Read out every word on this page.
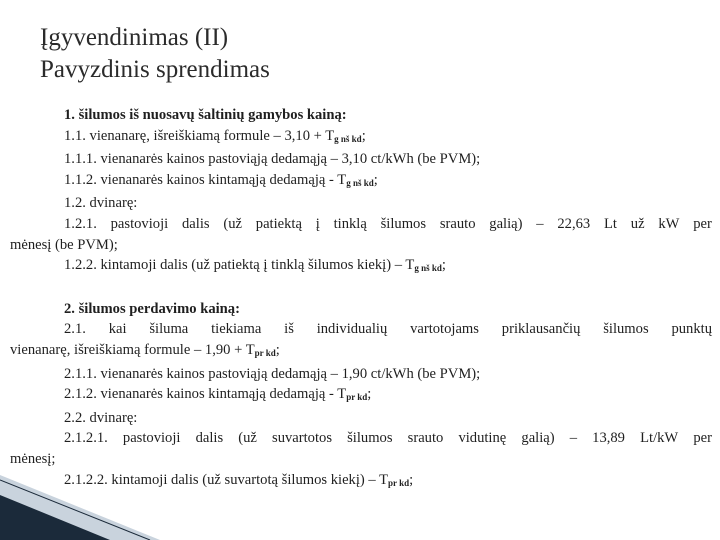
Įgyvendinimas (II)
Pavyzdinis sprendimas
1. šilumos iš nuosavų šaltinių gamybos kainą:
1.1. vienanarę, išreiškiamą formule – $3,10 + T_{g nš kd}$;
1.1.1. vienanarės kainos pastoviąją dedamąją – 3,10 ct/kWh (be PVM);
1.1.2. vienanarės kainos kintamąją dedamąją - $T_{g nš kd}$;
1.2. dvinarę:
1.2.1. pastovioji dalis (už patiektą į tinklą šilumos srauto galią) – 22,63 Lt už kW per
mėnesį (be PVM);
1.2.2. kintamoji dalis (už patiektą į tinklą šilumos kiekį) – $T_{g nš kd}$;
2. šilumos perdavimo kainą:
2.1. kai šiluma tiekiama iš individualių vartotojams priklausančių šilumos punktų
vienanarę, išreiškiamą formule – $1,90 + T_{pr kd}$;
2.1.1. vienanarės kainos pastoviąją dedamąją – 1,90 ct/kWh (be PVM);
2.1.2. vienanarės kainos kintamąją dedamąją - $T_{pr kd}$;
2.2. dvinarę:
2.1.2.1. pastovioji dalis (už suvartotos šilumos srauto vidutinę galią) – 13,89 Lt/kW per
mėnesį;
2.1.2.2. kintamoji dalis (už suvartotą šilumos kiekį) – $T_{pr kd}$;
